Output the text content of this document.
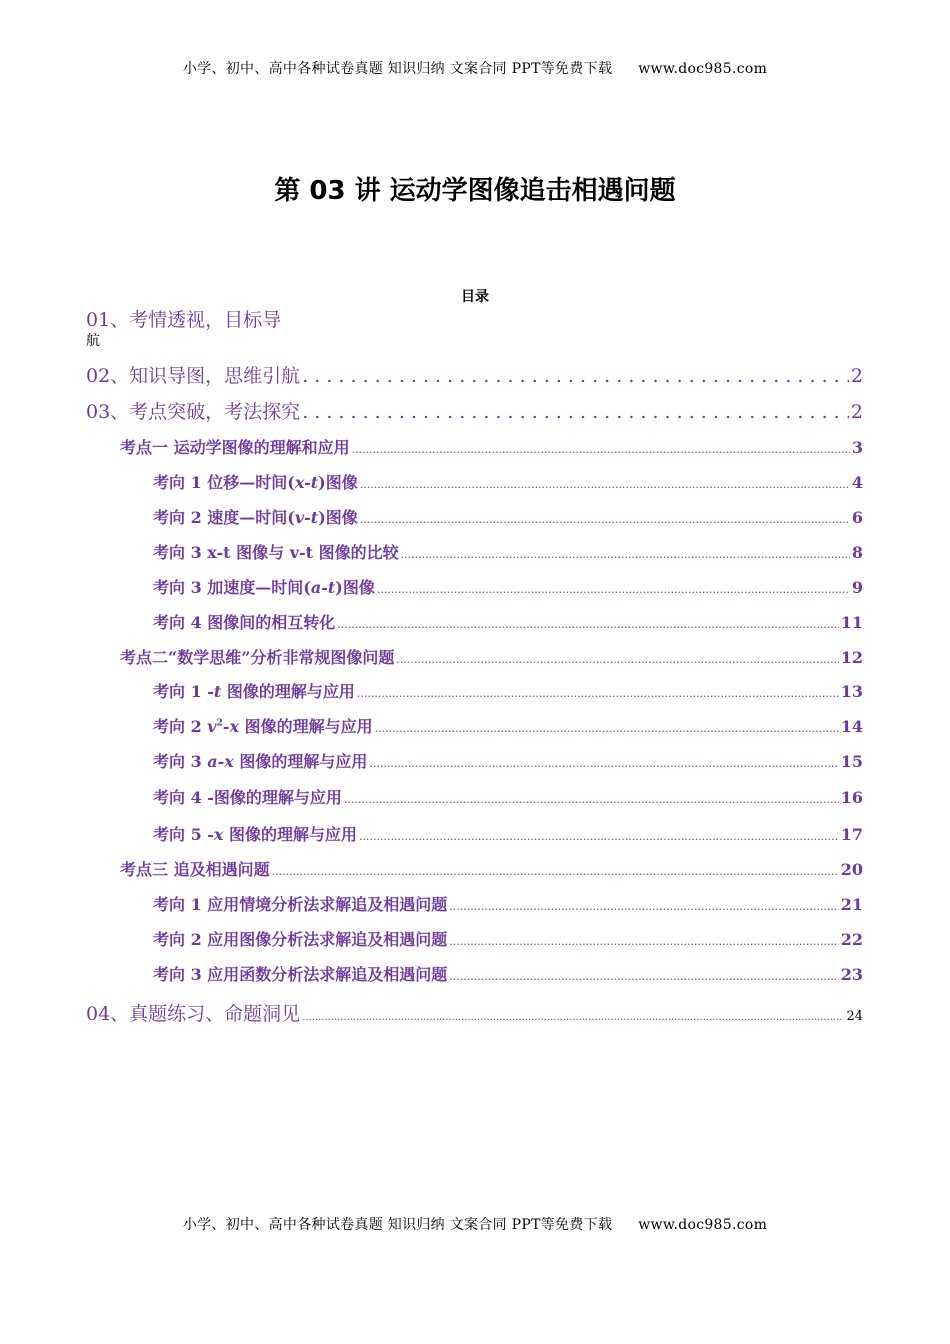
小学、初中、高中各种试卷真题 知识归纳 文案合同 PPT等免费下载 www.doc985.com
第 03 讲 运动学图像追击相遇问题
目录
01、考情透视，目标导
航
02、知识导图，思维引航 . . .	2
03、考点突破，考法探究 . . .	2
考点一 运动学图像的理解和应用 .....	3
考向 1 位移—时间(x-t)图像 .....	4
考向 2 速度—时间(v-t)图像 .....	6
考向 3 x-t 图像与 v-t 图像的比较 .....	8
考向 3 加速度—时间(a-t)图像 .....	9
考向 4 图像间的相互转化 .....	11
考点二“数学思维”分析非常规图像问题 .....	12
考向 1 -t 图像的理解与应用 .....	13
考向 2 $v^2-x$ 图像的理解与应用 .....	14
考向 3 a-x 图像的理解与应用 .....	15
考向 4 -图像的理解与应用 .....	16
考向 5 -x 图像的理解与应用 .....	17
考点三 追及相遇问题 .....	20
考向 1 应用情境分析法求解追及相遇问题 .....	21
考向 2 应用图像分析法求解追及相遇问题 .....	22
考向 3 应用函数分析法求解追及相遇问题 .....	23
04、真题练习、命题洞见 .....	24
小学、初中、高中各种试卷真题 知识归纳 文案合同 PPT等免费下载 www.doc985.com
